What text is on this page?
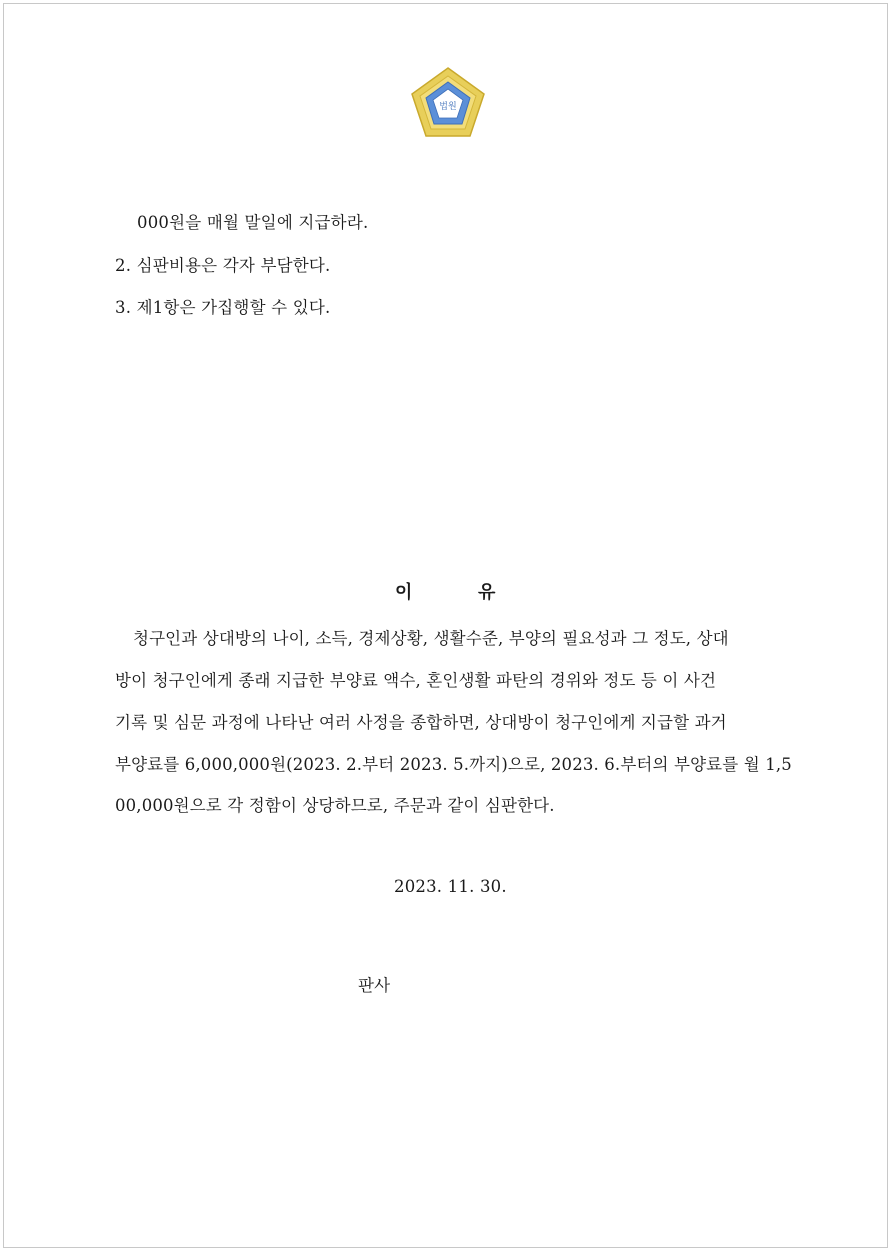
법원
000원을 매월 말일에 지급하라.
2. 심판비용은 각자 부담한다.
3. 제1항은 가집행할 수 있다.
이	유
청구인과 상대방의 나이, 소득, 경제상황, 생활수준, 부양의 필요성과 그 정도, 상대
방이 청구인에게 종래 지급한 부양료 액수, 혼인생활 파탄의 경위와 정도 등 이 사건
기록 및 심문 과정에 나타난 여러 사정을 종합하면, 상대방이 청구인에게 지급할 과거
부양료를 6,000,000원(2023. 2.부터 2023. 5.까지)으로, 2023. 6.부터의 부양료를 월 1,5
00,000원으로 각 정함이 상당하므로, 주문과 같이 심판한다.
2023. 11. 30.
판사
